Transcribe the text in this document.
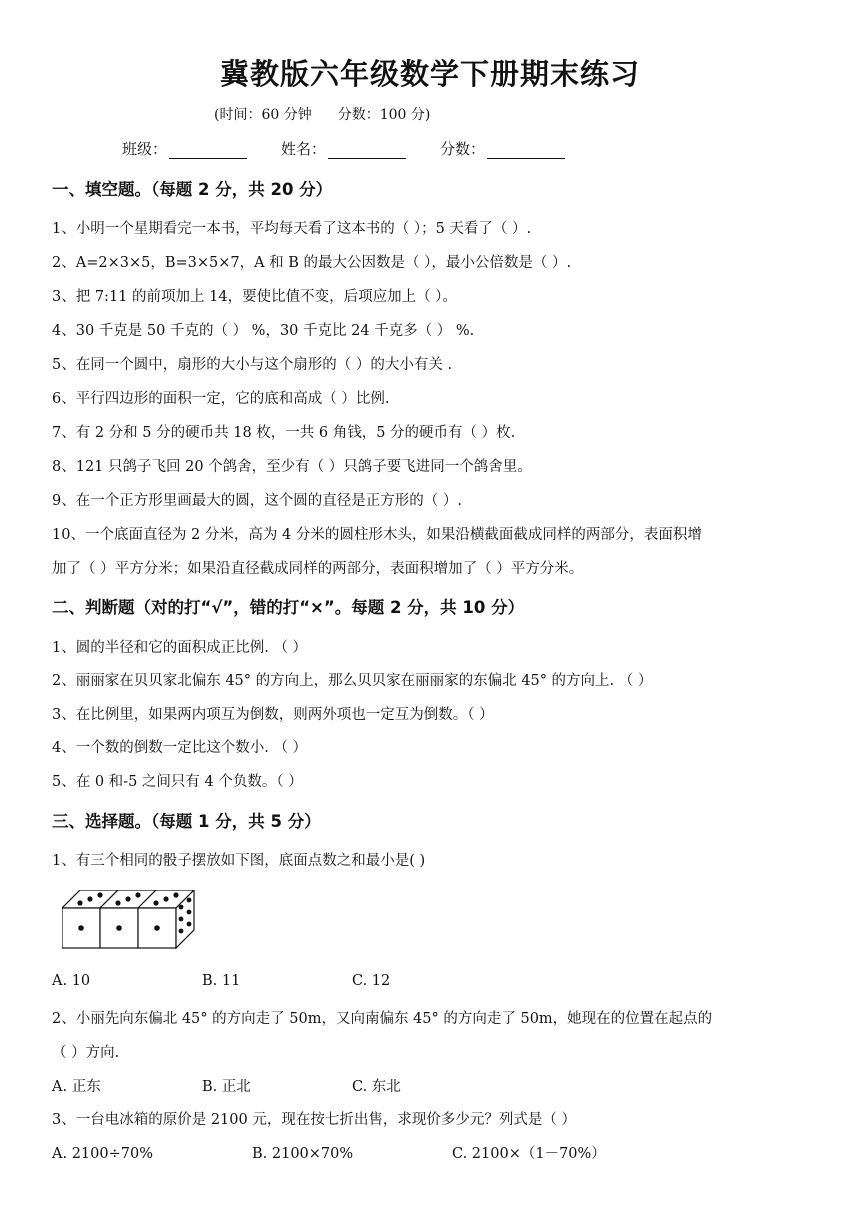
冀教版六年级数学下册期末练习
(时间：60 分钟 分数：100 分)
班级：	姓名：	分数：
一、填空题。（每题 2 分，共 20 分）
1、小明一个星期看完一本书，平均每天看了这本书的（ ）；5 天看了（ ）.
2、A=2×3×5，B=3×5×7，A 和 B 的最大公因数是（ ），最小公倍数是（ ）.
3、把 7:11 的前项加上 14，要使比值不变，后项应加上（ ）。
4、30 千克是 50 千克的（ ） %，30 千克比 24 千克多（ ） %.
5、在同一个圆中，扇形的大小与这个扇形的（ ）的大小有关 .
6、平行四边形的面积一定，它的底和高成（ ）比例.
7、有 2 分和 5 分的硬币共 18 枚，一共 6 角钱，5 分的硬币有（ ）枚.
8、121 只鸽子飞回 20 个鸽舍，至少有（ ）只鸽子要飞进同一个鸽舍里。
9、在一个正方形里画最大的圆，这个圆的直径是正方形的（ ）.
10、一个底面直径为 2 分米，高为 4 分米的圆柱形木头，如果沿横截面截成同样的两部分，表面积增
加了（ ）平方分米；如果沿直径截成同样的两部分，表面积增加了（ ）平方分米。
二、判断题（对的打“√”，错的打“×”。每题 2 分，共 10 分）
1、圆的半径和它的面积成正比例. （ ）
2、丽丽家在贝贝家北偏东 45° 的方向上，那么贝贝家在丽丽家的东偏北 45° 的方向上. （ ）
3、在比例里，如果两内项互为倒数，则两外项也一定互为倒数。（ ）
4、一个数的倒数一定比这个数小. （ ）
5、在 0 和-5 之间只有 4 个负数。（ ）
三、选择题。（每题 1 分，共 5 分）
1、有三个相同的骰子摆放如下图，底面点数之和最小是( )
A. 10	B. 11	C. 12
2、小丽先向东偏北 45° 的方向走了 50m，又向南偏东 45° 的方向走了 50m，她现在的位置在起点的
（ ）方向.
A. 正东	B. 正北	C. 东北
3、一台电冰箱的原价是 2100 元，现在按七折出售，求现价多少元？列式是（ ）
A. 2100÷70%	B. 2100×70%	C. 2100×（1－70%）
